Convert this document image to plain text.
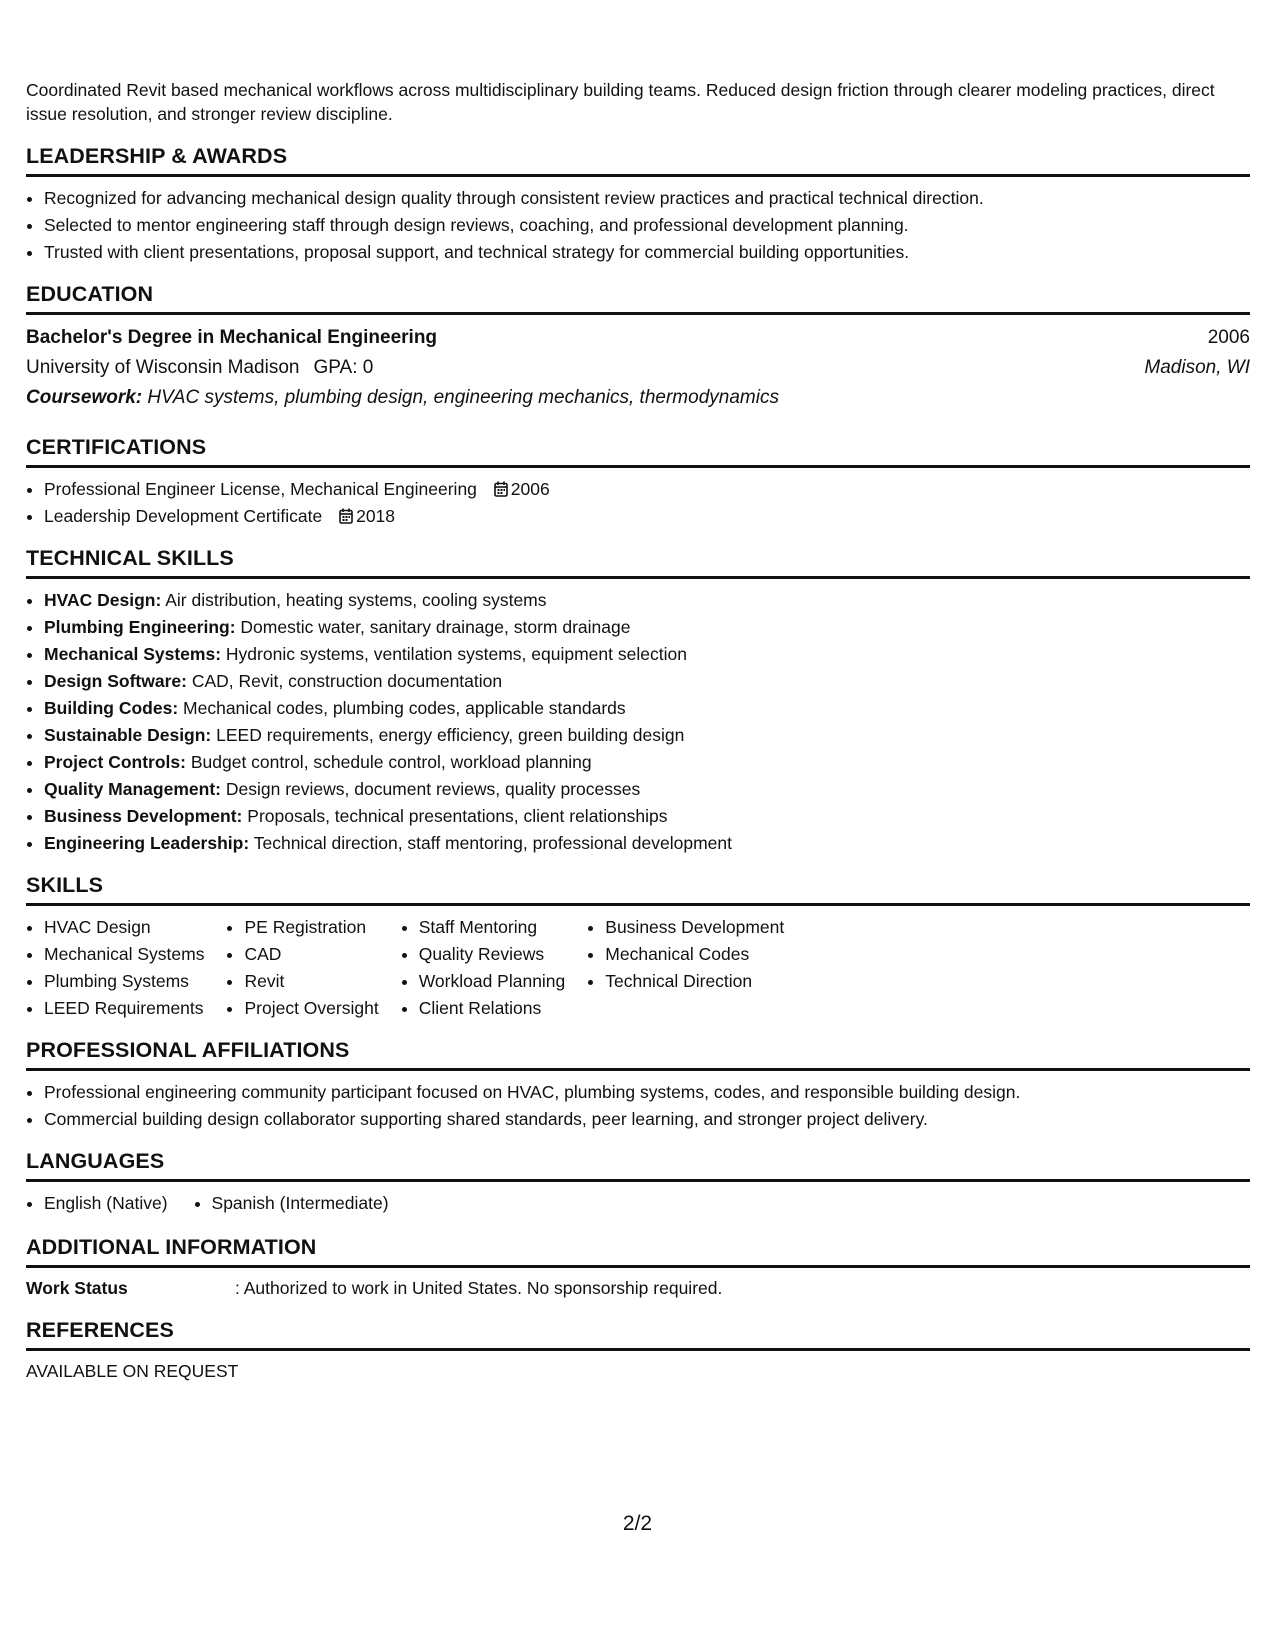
Coordinated Revit based mechanical workflows across multidisciplinary building teams. Reduced design friction through clearer modeling practices, direct issue resolution, and stronger review discipline.

LEADERSHIP & AWARDS
• Recognized for advancing mechanical design quality through consistent review practices and practical technical direction.
• Selected to mentor engineering staff through design reviews, coaching, and professional development planning.
• Trusted with client presentations, proposal support, and technical strategy for commercial building opportunities.
EDUCATION
Bachelor's Degree in Mechanical Engineering	2006
University of Wisconsin Madison GPA: 0	Madison, WI
Coursework: HVAC systems, plumbing design, engineering mechanics, thermodynamics
CERTIFICATIONS
• Professional Engineer License, Mechanical Engineering 2006
• Leadership Development Certificate 2018
TECHNICAL SKILLS
• HVAC Design: Air distribution, heating systems, cooling systems
• Plumbing Engineering: Domestic water, sanitary drainage, storm drainage
• Mechanical Systems: Hydronic systems, ventilation systems, equipment selection
• Design Software: CAD, Revit, construction documentation
• Building Codes: Mechanical codes, plumbing codes, applicable standards
• Sustainable Design: LEED requirements, energy efficiency, green building design
• Project Controls: Budget control, schedule control, workload planning
• Quality Management: Design reviews, document reviews, quality processes
• Business Development: Proposals, technical presentations, client relationships
• Engineering Leadership: Technical direction, staff mentoring, professional development
SKILLS
• HVAC Design
• Mechanical Systems
• Plumbing Systems
• LEED Requirements
• PE Registration
• CAD
• Revit
• Project Oversight
• Staff Mentoring
• Quality Reviews
• Workload Planning
• Client Relations
• Business Development
• Mechanical Codes
• Technical Direction
PROFESSIONAL AFFILIATIONS
• Professional engineering community participant focused on HVAC, plumbing systems, codes, and responsible building design.
• Commercial building design collaborator supporting shared standards, peer learning, and stronger project delivery.
LANGUAGES
• English (Native)
•	Spanish (Intermediate)
ADDITIONAL INFORMATION
Work Status	: Authorized to work in United States. No sponsorship required.
REFERENCES
AVAILABLE ON REQUEST
2/2
